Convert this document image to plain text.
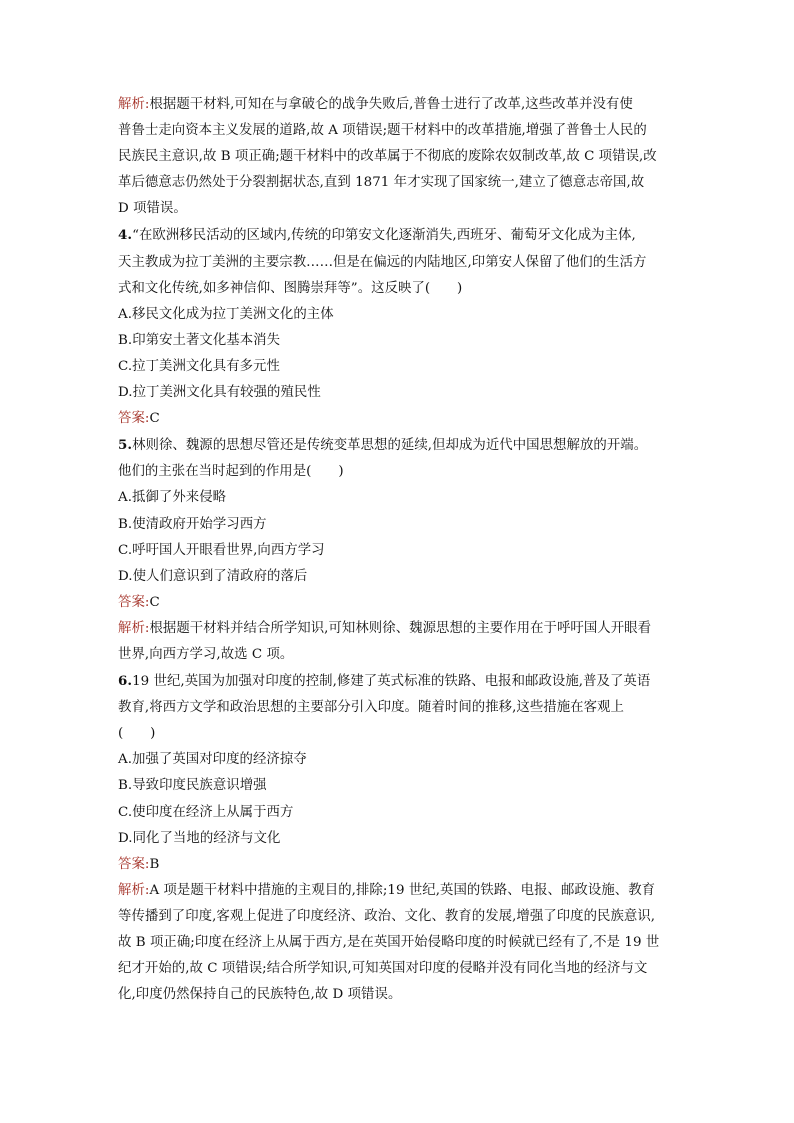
解析:根据题干材料,可知在与拿破仑的战争失败后,普鲁士进行了改革,这些改革并没有使
普鲁士走向资本主义发展的道路,故 A 项错误;题干材料中的改革措施,增强了普鲁士人民的
民族民主意识,故 B 项正确;题干材料中的改革属于不彻底的废除农奴制改革,故 C 项错误,改
革后德意志仍然处于分裂割据状态,直到 1871 年才实现了国家统一,建立了德意志帝国,故
D 项错误。
4.“在欧洲移民活动的区域内,传统的印第安文化逐渐消失,西班牙、葡萄牙文化成为主体,
天主教成为拉丁美洲的主要宗教……但是在偏远的内陆地区,印第安人保留了他们的生活方
式和文化传统,如多神信仰、图腾崇拜等”。这反映了(　　)
A.移民文化成为拉丁美洲文化的主体
B.印第安土著文化基本消失
C.拉丁美洲文化具有多元性
D.拉丁美洲文化具有较强的殖民性
答案:C
5.林则徐、魏源的思想尽管还是传统变革思想的延续,但却成为近代中国思想解放的开端。
他们的主张在当时起到的作用是(　　)
A.抵御了外来侵略
B.使清政府开始学习西方
C.呼吁国人开眼看世界,向西方学习
D.使人们意识到了清政府的落后
答案:C
解析:根据题干材料并结合所学知识,可知林则徐、魏源思想的主要作用在于呼吁国人开眼看
世界,向西方学习,故选 C 项。
6.19 世纪,英国为加强对印度的控制,修建了英式标准的铁路、电报和邮政设施,普及了英语
教育,将西方文学和政治思想的主要部分引入印度。随着时间的推移,这些措施在客观上
(　　)
A.加强了英国对印度的经济掠夺
B.导致印度民族意识增强
C.使印度在经济上从属于西方
D.同化了当地的经济与文化
答案:B
解析:A 项是题干材料中措施的主观目的,排除;19 世纪,英国的铁路、电报、邮政设施、教育
等传播到了印度,客观上促进了印度经济、政治、文化、教育的发展,增强了印度的民族意识,
故 B 项正确;印度在经济上从属于西方,是在英国开始侵略印度的时候就已经有了,不是 19 世
纪才开始的,故 C 项错误;结合所学知识,可知英国对印度的侵略并没有同化当地的经济与文
化,印度仍然保持自己的民族特色,故 D 项错误。
